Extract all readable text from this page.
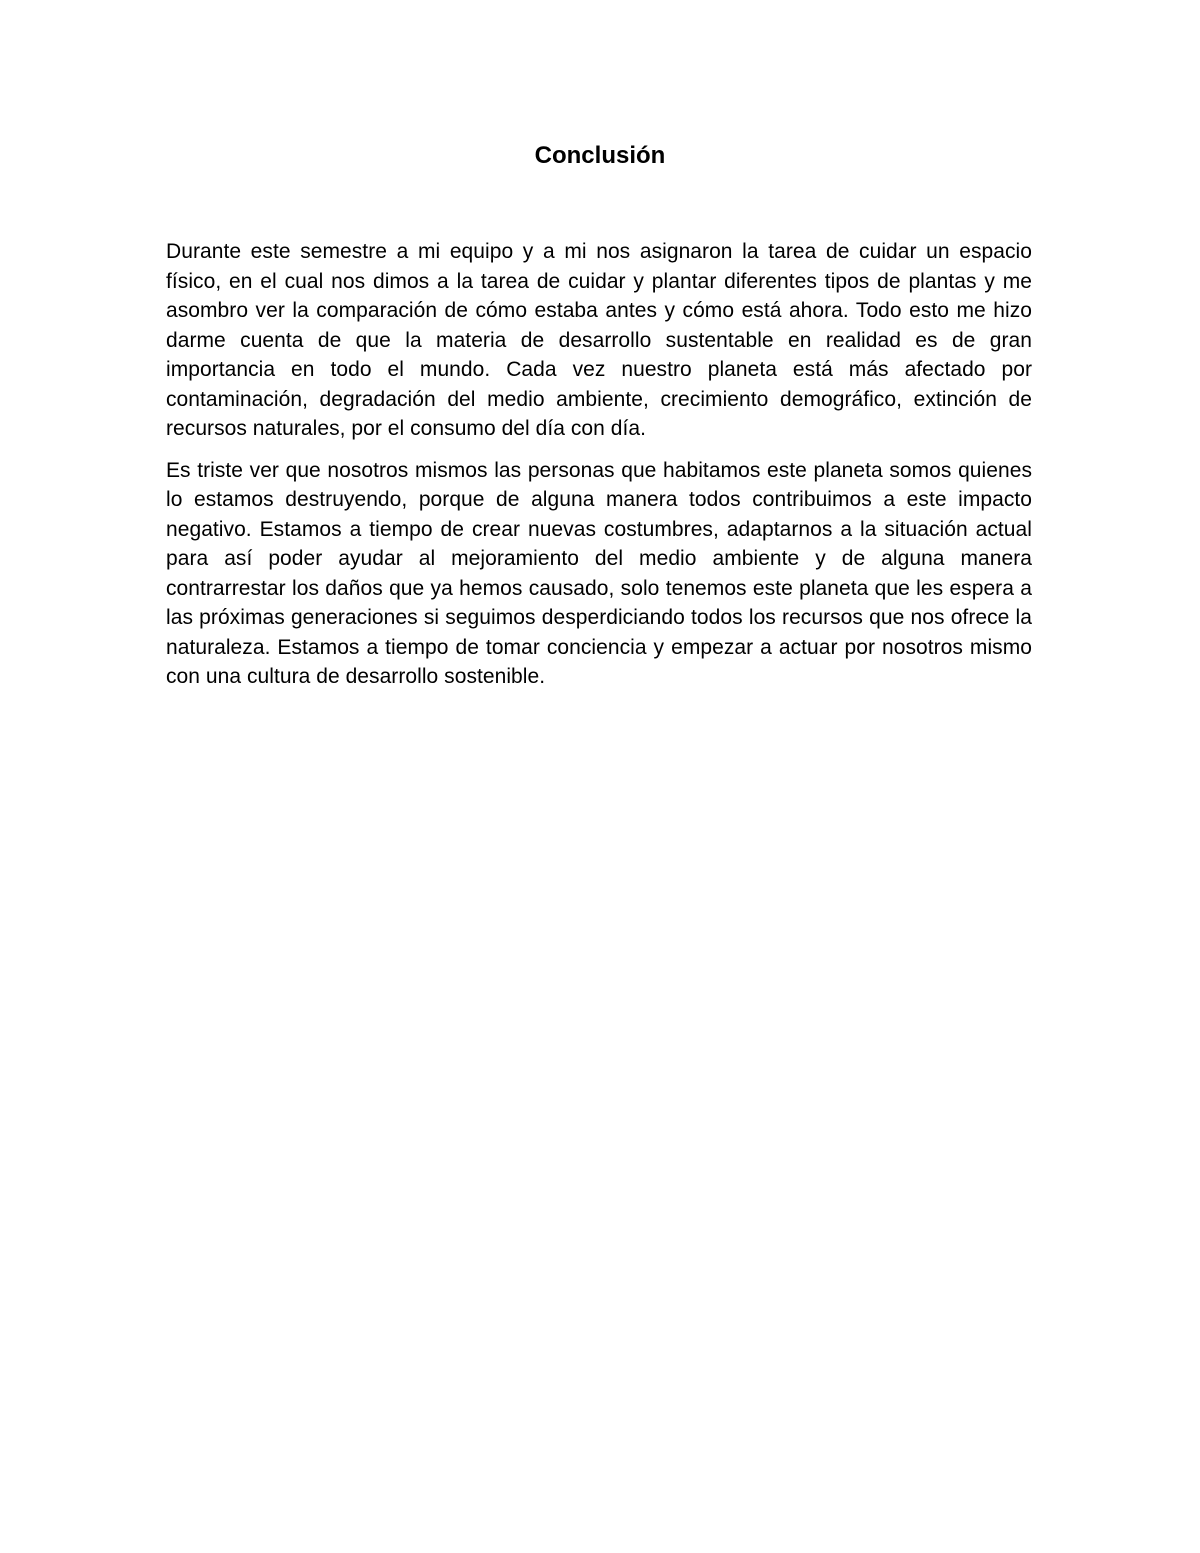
Conclusión

Durante este semestre a mi equipo y a mi nos asignaron la tarea de cuidar un espacio físico, en el cual nos dimos a la tarea de cuidar y plantar diferentes tipos de plantas y me asombro ver la comparación de cómo estaba antes y cómo está ahora. Todo esto me hizo darme cuenta de que la materia de desarrollo sustentable en realidad es de gran importancia en todo el mundo. Cada vez nuestro planeta está más afectado por contaminación, degradación del medio ambiente, crecimiento demográfico, extinción de recursos naturales, por el consumo del día con día.

Es triste ver que nosotros mismos las personas que habitamos este planeta somos quienes lo estamos destruyendo, porque de alguna manera todos contribuimos a este impacto negativo. Estamos a tiempo de crear nuevas costumbres, adaptarnos a la situación actual para así poder ayudar al mejoramiento del medio ambiente y de alguna manera contrarrestar los daños que ya hemos causado, solo tenemos este planeta que les espera a las próximas generaciones si seguimos desperdiciando todos los recursos que nos ofrece la naturaleza. Estamos a tiempo de tomar conciencia y empezar a actuar por nosotros mismo con una cultura de desarrollo sostenible.
